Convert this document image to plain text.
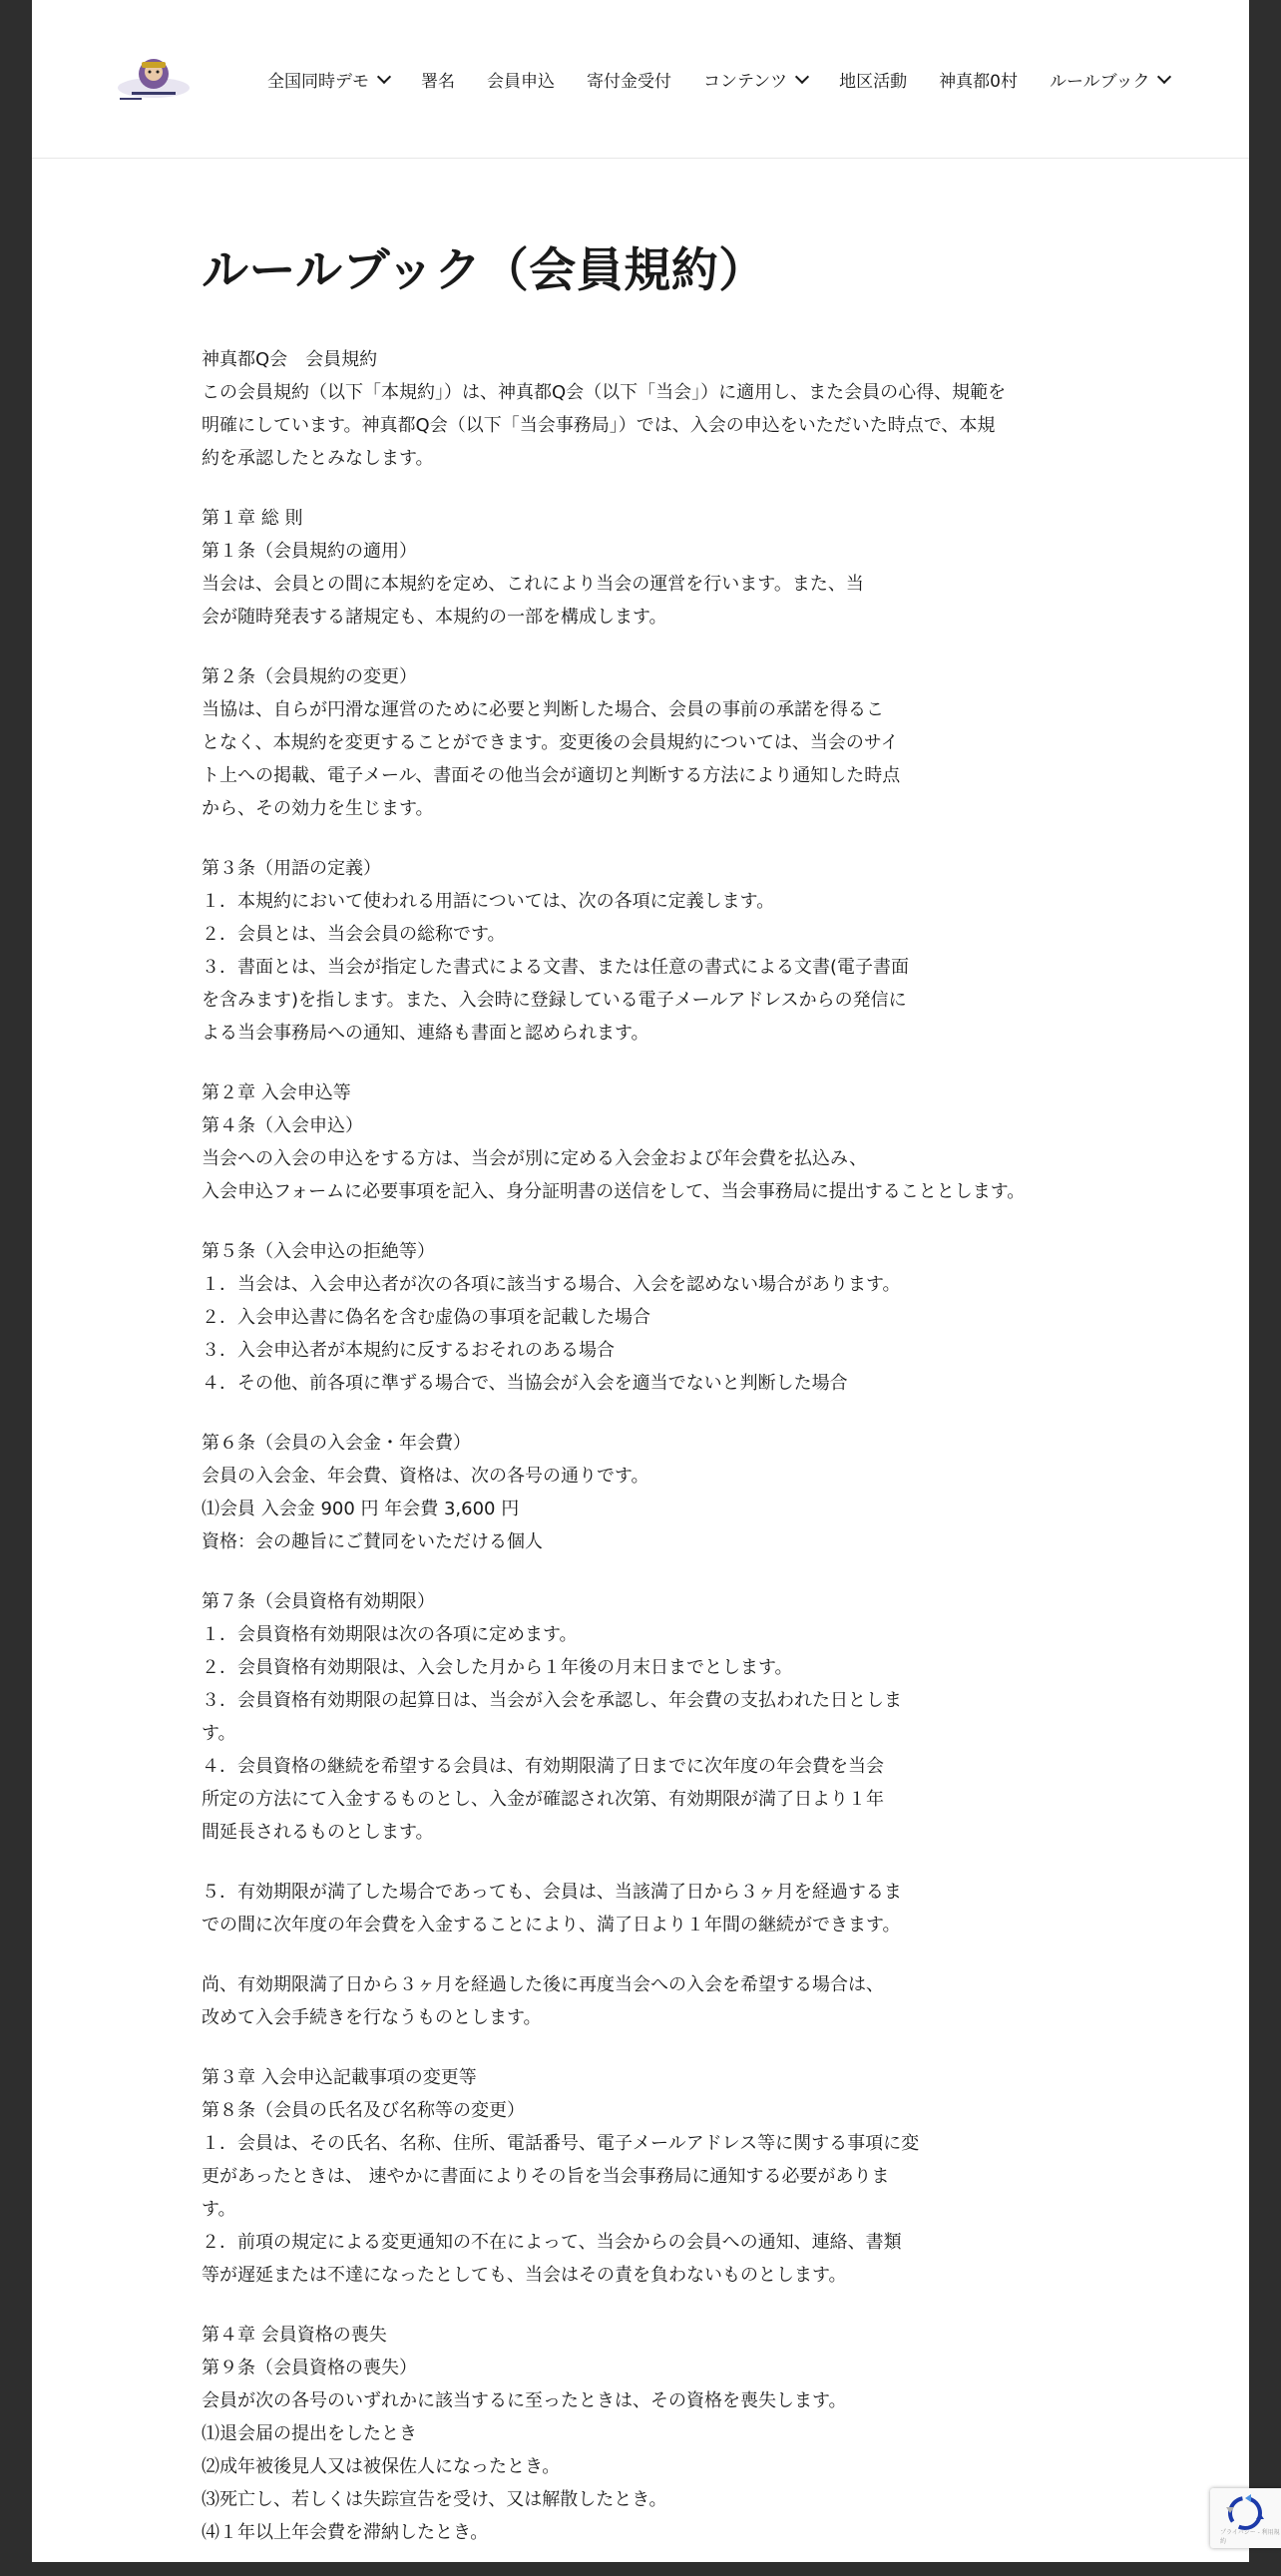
全国同時デモ	署名 会員申込 寄付金受付 コンテンツ	地区活動 神真都0村 ルールブック
ルールブック（会員規約）

神真都Q会　会員規約
この会員規約（以下「本規約」）は、神真都Q会（以下「当会」）に適用し、また会員の心得、規範を
明確にしています。神真都Q会（以下「当会事務局」）では、入会の申込をいただいた時点で、本規
約を承認したとみなします。

第１章 総 則
第１条（会員規約の適用）
当会は、会員との間に本規約を定め、これにより当会の運営を行います。また、当
会が随時発表する諸規定も、本規約の一部を構成します。

第２条（会員規約の変更）
当協は、自らが円滑な運営のために必要と判断した場合、会員の事前の承諾を得るこ
となく、本規約を変更することができます。変更後の会員規約については、当会のサイ
ト上への掲載、電子メール、書面その他当会が適切と判断する方法により通知した時点
から、その効力を生じます。

第３条（用語の定義）
１．本規約において使われる用語については、次の各項に定義します。
２．会員とは、当会会員の総称です。
３．書面とは、当会が指定した書式による文書、または任意の書式による文書(電子書面
を含みます)を指します。また、入会時に登録している電子メールアドレスからの発信に
よる当会事務局への通知、連絡も書面と認められます。

第２章 入会申込等
第４条（入会申込）
当会への入会の申込をする方は、当会が別に定める入会金および年会費を払込み、
入会申込フォームに必要事項を記入、身分証明書の送信をして、当会事務局に提出することとします。

第５条（入会申込の拒絶等）
１．当会は、入会申込者が次の各項に該当する場合、入会を認めない場合があります。
２．入会申込書に偽名を含む虚偽の事項を記載した場合
３．入会申込者が本規約に反するおそれのある場合
４．その他、前各項に準ずる場合で、当協会が入会を適当でないと判断した場合

第６条（会員の入会金・年会費）
会員の入会金、年会費、資格は、次の各号の通りです。
⑴会員 入会金 900 円 年会費 3,600 円
資格：会の趣旨にご賛同をいただける個人

第７条（会員資格有効期限）
１．会員資格有効期限は次の各項に定めます。
２．会員資格有効期限は、入会した月から１年後の月末日までとします。
３．会員資格有効期限の起算日は、当会が入会を承認し、年会費の支払われた日としま
す。
４．会員資格の継続を希望する会員は、有効期限満了日までに次年度の年会費を当会
所定の方法にて入金するものとし、入金が確認され次第、有効期限が満了日より１年
間延長されるものとします。

５．有効期限が満了した場合であっても、会員は、当該満了日から３ヶ月を経過するま
での間に次年度の年会費を入金することにより、満了日より１年間の継続ができます。

尚、有効期限満了日から３ヶ月を経過した後に再度当会への入会を希望する場合は、
改めて入会手続きを行なうものとします。

第３章 入会申込記載事項の変更等
第８条（会員の氏名及び名称等の変更）
１．会員は、その氏名、名称、住所、電話番号、電子メールアドレス等に関する事項に変
更があったときは、 速やかに書面によりその旨を当会事務局に通知する必要がありま
す。
２．前項の規定による変更通知の不在によって、当会からの会員への通知、連絡、書類
等が遅延または不達になったとしても、当会はその責を負わないものとします。

第４章 会員資格の喪失
第９条（会員資格の喪失）
会員が次の各号のいずれかに該当するに至ったときは、その資格を喪失します。
⑴退会届の提出をしたとき
⑵成年被後見人又は被保佐人になったとき。
⑶死亡し、若しくは失踪宣告を受け、又は解散したとき。
⑷１年以上年会費を滞納したとき。	プライバシー - 利用規約
